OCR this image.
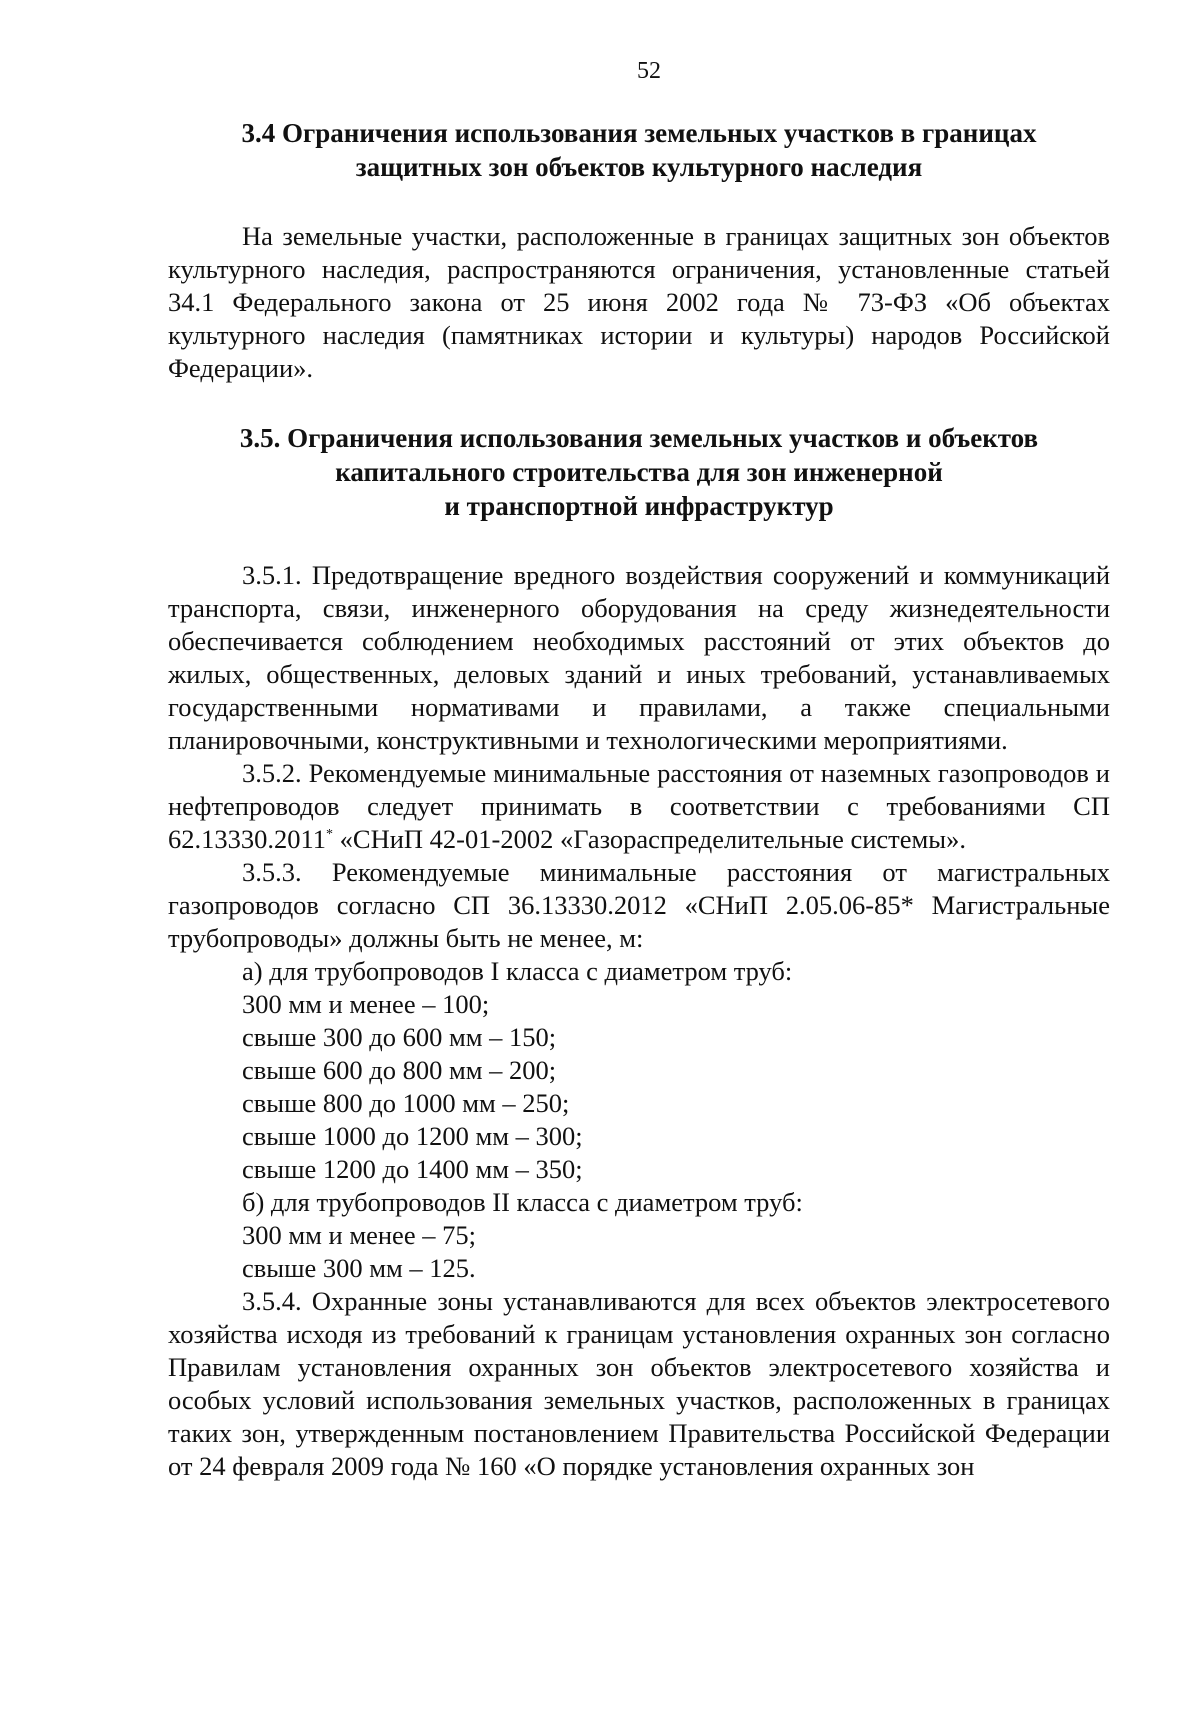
52

3.4 Ограничения использования земельных участков в границах
защитных зон объектов культурного наследия

На земельные участки, расположенные в границах защитных зон объектов культурного наследия, распространяются ограничения, установленные статьей 34.1 Федерального закона от 25 июня 2002 года № 73-ФЗ «Об объектах культурного наследия (памятниках истории и культуры) народов Российской Федерации».

3.5. Ограничения использования земельных участков и объектов
капитального строительства для зон инженерной
и транспортной инфраструктур

3.5.1. Предотвращение вредного воздействия сооружений и коммуникаций транспорта, связи, инженерного оборудования на среду жизнедеятельности обеспечивается соблюдением необходимых расстояний от этих объектов до жилых, общественных, деловых зданий и иных требований, устанавливаемых государственными нормативами и правилами, а также специальными планировочными, конструктивными и технологическими мероприятиями.

3.5.2. Рекомендуемые минимальные расстояния от наземных газопроводов и нефтепроводов следует принимать в соответствии с требованиями СП 62.13330.2011* «СНиП 42-01-2002 «Газораспределительные системы».

3.5.3. Рекомендуемые минимальные расстояния от магистральных газопроводов согласно СП 36.13330.2012 «СНиП 2.05.06-85* Магистральные трубопроводы» должны быть не менее, м:

а) для трубопроводов I класса с диаметром труб:

300 мм и менее – 100;

свыше 300 до 600 мм – 150;

свыше 600 до 800 мм – 200;

свыше 800 до 1000 мм – 250;

свыше 1000 до 1200 мм – 300;

свыше 1200 до 1400 мм – 350;

б) для трубопроводов II класса с диаметром труб:

300 мм и менее – 75;

свыше 300 мм – 125.

3.5.4. Охранные зоны устанавливаются для всех объектов электросетевого хозяйства исходя из требований к границам установления охранных зон согласно Правилам установления охранных зон объектов электросетевого хозяйства и особых условий использования земельных участков, расположенных в границах таких зон, утвержденным постановлением Правительства Российской Федерации от 24 февраля 2009 года № 160 «О порядке установления охранных зон
